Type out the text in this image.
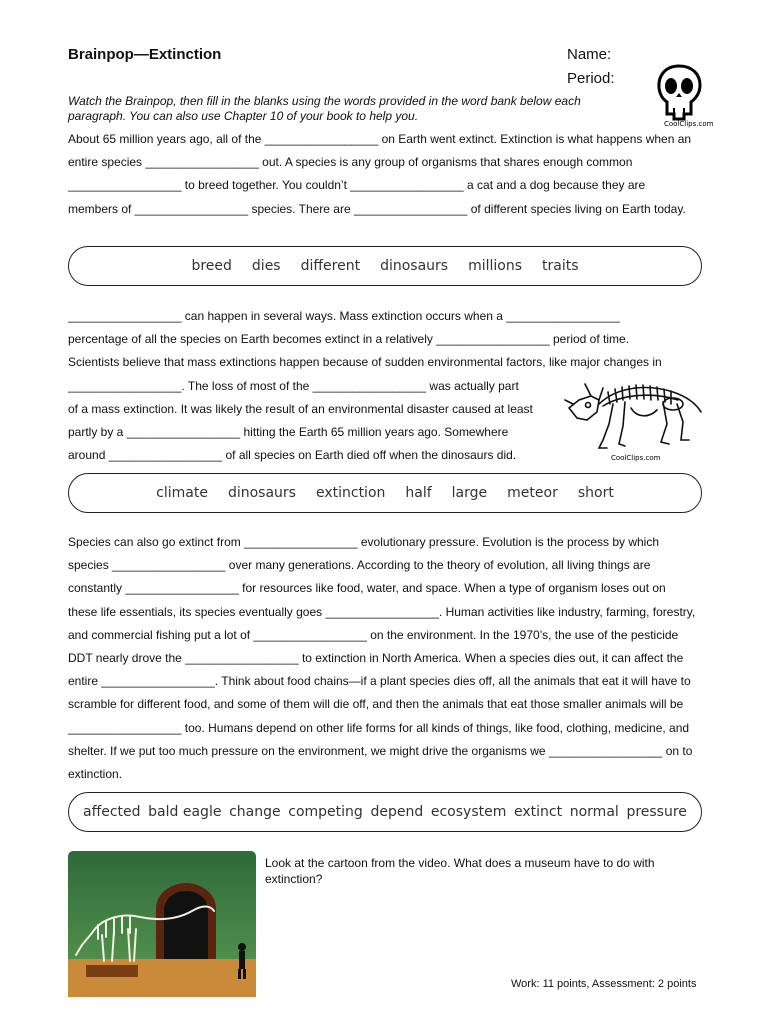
Brainpop—Extinction	Name:
Period:
CoolClips.com
Watch the Brainpop, then fill in the blanks using the words provided in the word bank below each paragraph. You can also use Chapter 10 of your book to help you.
About 65 million years ago, all of the _________________ on Earth went extinct. Extinction is what happens when an entire species _________________ out. A species is any group of organisms that shares enough common _________________ to breed together. You couldn’t _________________ a cat and a dog because they are members of _________________ species. There are _________________ of different species living on Earth today.
breed dies different dinosaurs millions traits
_________________ can happen in several ways. Mass extinction occurs when a _________________
percentage of all the species on Earth becomes extinct in a relatively _________________ period of time.
Scientists believe that mass extinctions happen because of sudden environmental factors, like major changes in
_________________. The loss of most of the _________________ was actually part
of a mass extinction. It was likely the result of an environmental disaster caused at least
partly by a _________________ hitting the Earth 65 million years ago. Somewhere
around _________________ of all species on Earth died off when the dinosaurs did.	CoolClips.com
climate dinosaurs extinction half large meteor short
Species can also go extinct from _________________ evolutionary pressure. Evolution is the process by which species _________________ over many generations. According to the theory of evolution, all living things are constantly _________________ for resources like food, water, and space. When a type of organism loses out on these life essentials, its species eventually goes _________________. Human activities like industry, farming, forestry, and commercial fishing put a lot of _________________ on the environment. In the 1970’s, the use of the pesticide DDT nearly drove the _________________ to extinction in North America. When a species dies out, it can affect the entire _________________. Think about food chains—if a plant species dies off, all the animals that eat it will have to scramble for different food, and some of them will die off, and then the animals that eat those smaller animals will be _________________ too. Humans depend on other life forms for all kinds of things, like food, clothing, medicine, and shelter. If we put too much pressure on the environment, we might drive the organisms we _________________ on to extinction.
affected bald eagle change competing depend ecosystem extinct normal pressure
Look at the cartoon from the video. What does a museum have to do with extinction?
Work: 11 points, Assessment: 2 points
